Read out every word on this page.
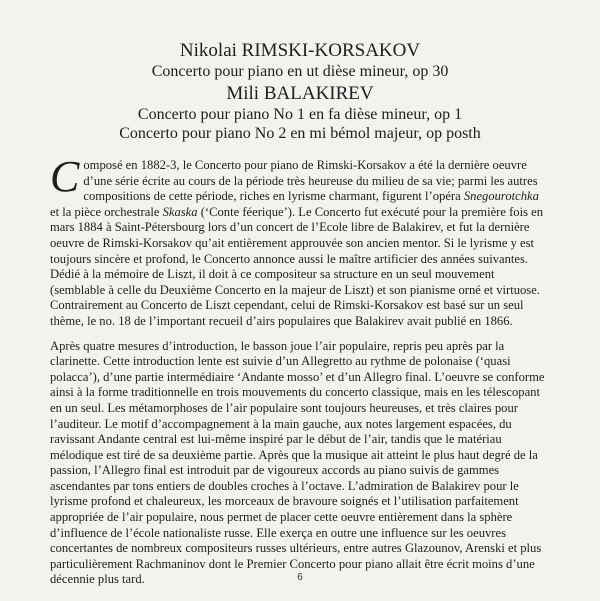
Nikolai RIMSKI-KORSAKOV
Concerto pour piano en ut dièse mineur, op 30
Mili BALAKIREV
Concerto pour piano No 1 en fa dièse mineur, op 1
Concerto pour piano No 2 en mi bémol majeur, op posth

Composé en 1882-3, le Concerto pour piano de Rimski-Korsakov a été la dernière oeuvre d’une série écrite au cours de la période très heureuse du milieu de sa vie; parmi les autres compositions de cette période, riches en lyrisme charmant, figurent l’opéra Snegourotchka et la pièce orchestrale Skaska (‘Conte féerique’). Le Concerto fut exécuté pour la première fois en mars 1884 à Saint-Pétersbourg lors d’un concert de l’Ecole libre de Balakirev, et fut la dernière oeuvre de Rimski-Korsakov qu’ait entièrement approuvée son ancien mentor. Si le lyrisme y est toujours sincère et profond, le Concerto annonce aussi le maître artificier des années suivantes. Dédié à la mémoire de Liszt, il doit à ce compositeur sa structure en un seul mouvement (semblable à celle du Deuxième Concerto en la majeur de Liszt) et son pianisme orné et virtuose. Contrairement au Concerto de Liszt cependant, celui de Rimski-Korsakov est basé sur un seul thème, le no. 18 de l’important recueil d’airs populaires que Balakirev avait publié en 1866.

Après quatre mesures d’introduction, le basson joue l’air populaire, repris peu après par la clarinette. Cette introduction lente est suivie d’un Allegretto au rythme de polonaise (‘quasi polacca’), d’une partie intermédiaire ‘Andante mosso’ et d’un Allegro final. L’oeuvre se conforme ainsi à la forme traditionnelle en trois mouvements du concerto classique, mais en les télescopant en un seul. Les métamorphoses de l’air populaire sont toujours heureuses, et très claires pour l’auditeur. Le motif d’accompagnement à la main gauche, aux notes largement espacées, du ravissant Andante central est lui-même inspiré par le début de l’air, tandis que le matériau mélodique est tiré de sa deuxième partie. Après que la musique ait atteint le plus haut degré de la passion, l’Allegro final est introduit par de vigoureux accords au piano suivis de gammes ascendantes par tons entiers de doubles croches à l’octave. L’admiration de Balakirev pour le lyrisme profond et chaleureux, les morceaux de bravoure soignés et l’utilisation parfaitement appropriée de l’air populaire, nous permet de placer cette oeuvre entièrement dans la sphère d’influence de l’école nationaliste russe. Elle exerça en outre une influence sur les oeuvres concertantes de nombreux compositeurs russes ultérieurs, entre autres Glazounov, Arenski et plus particulièrement Rachmaninov dont le Premier Concerto pour piano allait être écrit moins d’une décennie plus tard.	6
